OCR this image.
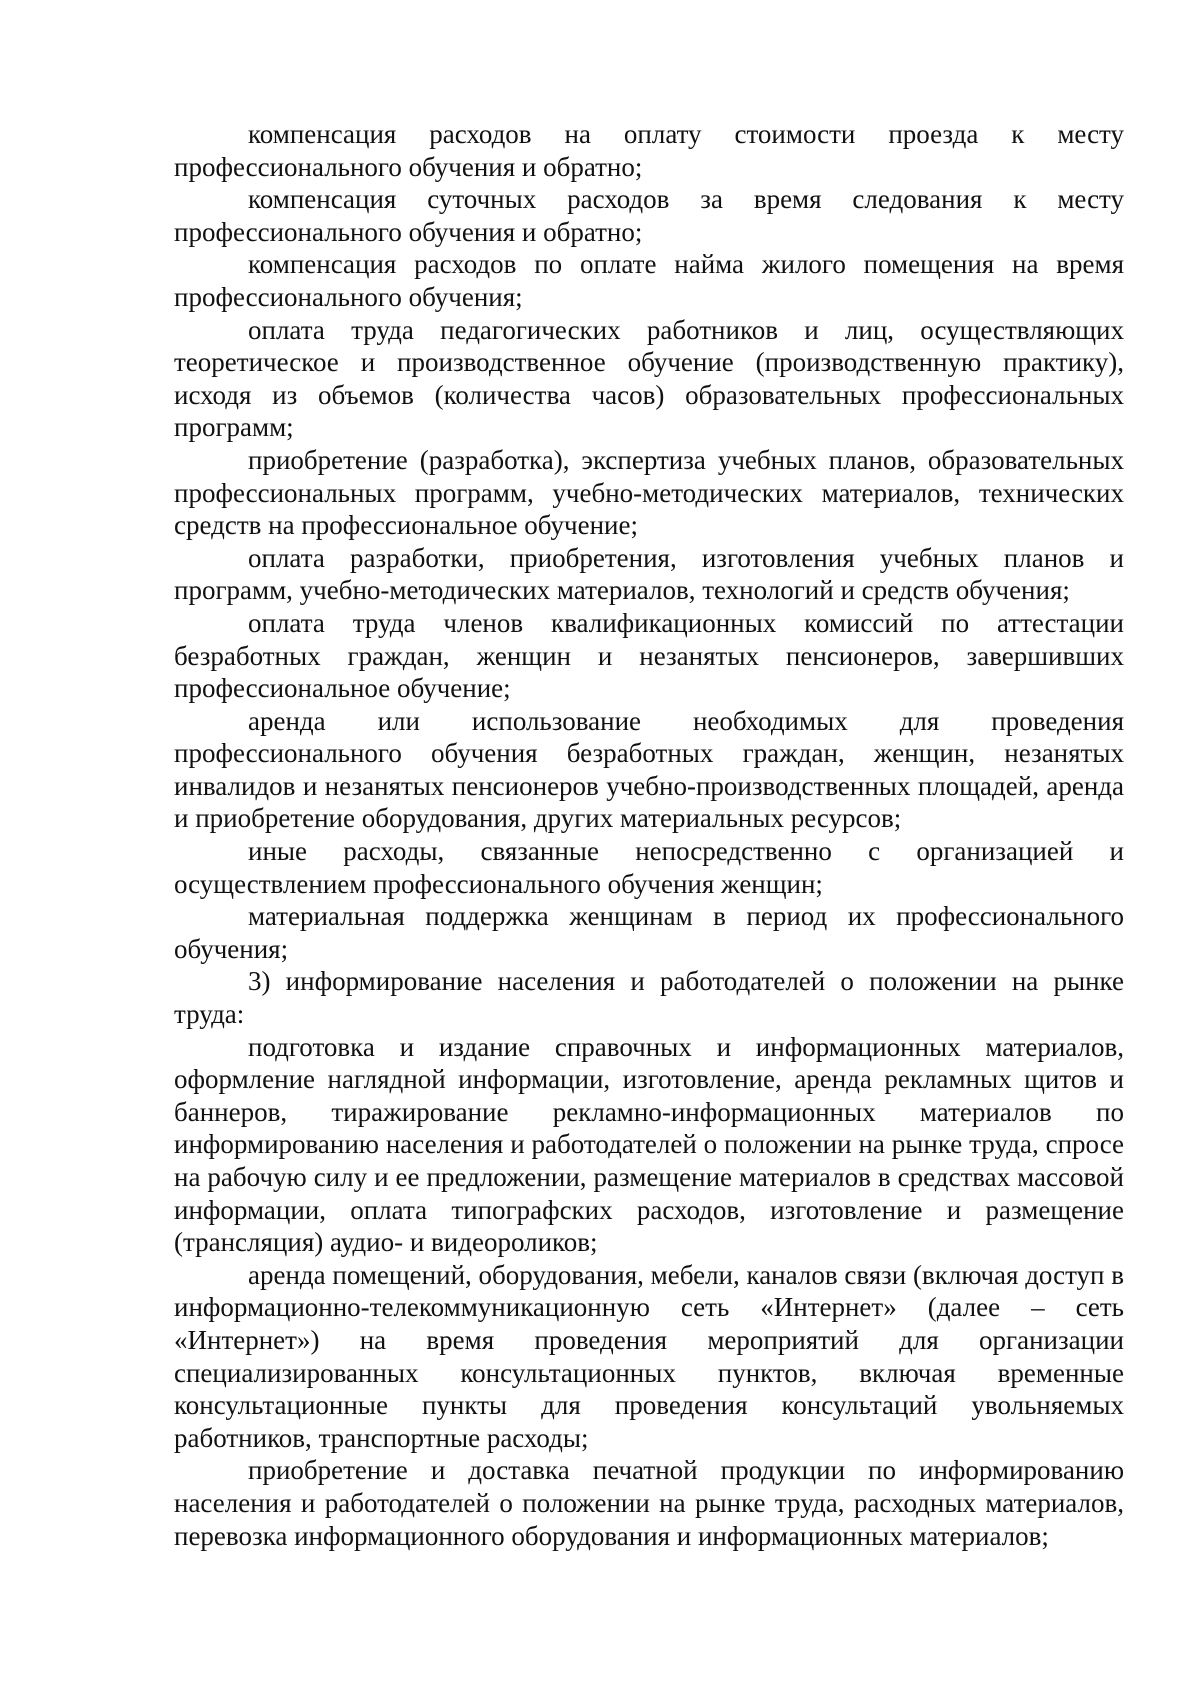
компенсация расходов на оплату стоимости проезда к месту профессионального обучения и обратно;

компенсация суточных расходов за время следования к месту профессионального обучения и обратно;

компенсация расходов по оплате найма жилого помещения на время профессионального обучения;

оплата труда педагогических работников и лиц, осуществляющих теоретическое и производственное обучение (производственную практику), исходя из объемов (количества часов) образовательных профессиональных программ;

приобретение (разработка), экспертиза учебных планов, образовательных профессиональных программ, учебно-методических материалов, технических средств на профессиональное обучение;

оплата разработки, приобретения, изготовления учебных планов и программ, учебно-методических материалов, технологий и средств обучения;

оплата труда членов квалификационных комиссий по аттестации безработных граждан, женщин и незанятых пенсионеров, завершивших профессиональное обучение;

аренда или использование необходимых для проведения профессионального обучения безработных граждан, женщин, незанятых инвалидов и незанятых пенсионеров учебно-производственных площадей, аренда и приобретение оборудования, других материальных ресурсов;

иные расходы, связанные непосредственно с организацией и осуществлением профессионального обучения женщин;

материальная поддержка женщинам в период их профессионального обучения;

3) информирование населения и работодателей о положении на рынке труда:

подготовка и издание справочных и информационных материалов, оформление наглядной информации, изготовление, аренда рекламных щитов и баннеров, тиражирование рекламно-информационных материалов по информированию населения и работодателей о положении на рынке труда, спросе на рабочую силу и ее предложении, размещение материалов в средствах массовой информации, оплата типографских расходов, изготовление и размещение (трансляция) аудио- и видеороликов;

аренда помещений, оборудования, мебели, каналов связи (включая доступ в информационно-телекоммуникационную сеть «Интернет» (далее – сеть «Интернет») на время проведения мероприятий для организации специализированных консультационных пунктов, включая временные консультационные пункты для проведения консультаций увольняемых работников, транспортные расходы;

приобретение и доставка печатной продукции по информированию населения и работодателей о положении на рынке труда, расходных материалов, перевозка информационного оборудования и информационных материалов;
